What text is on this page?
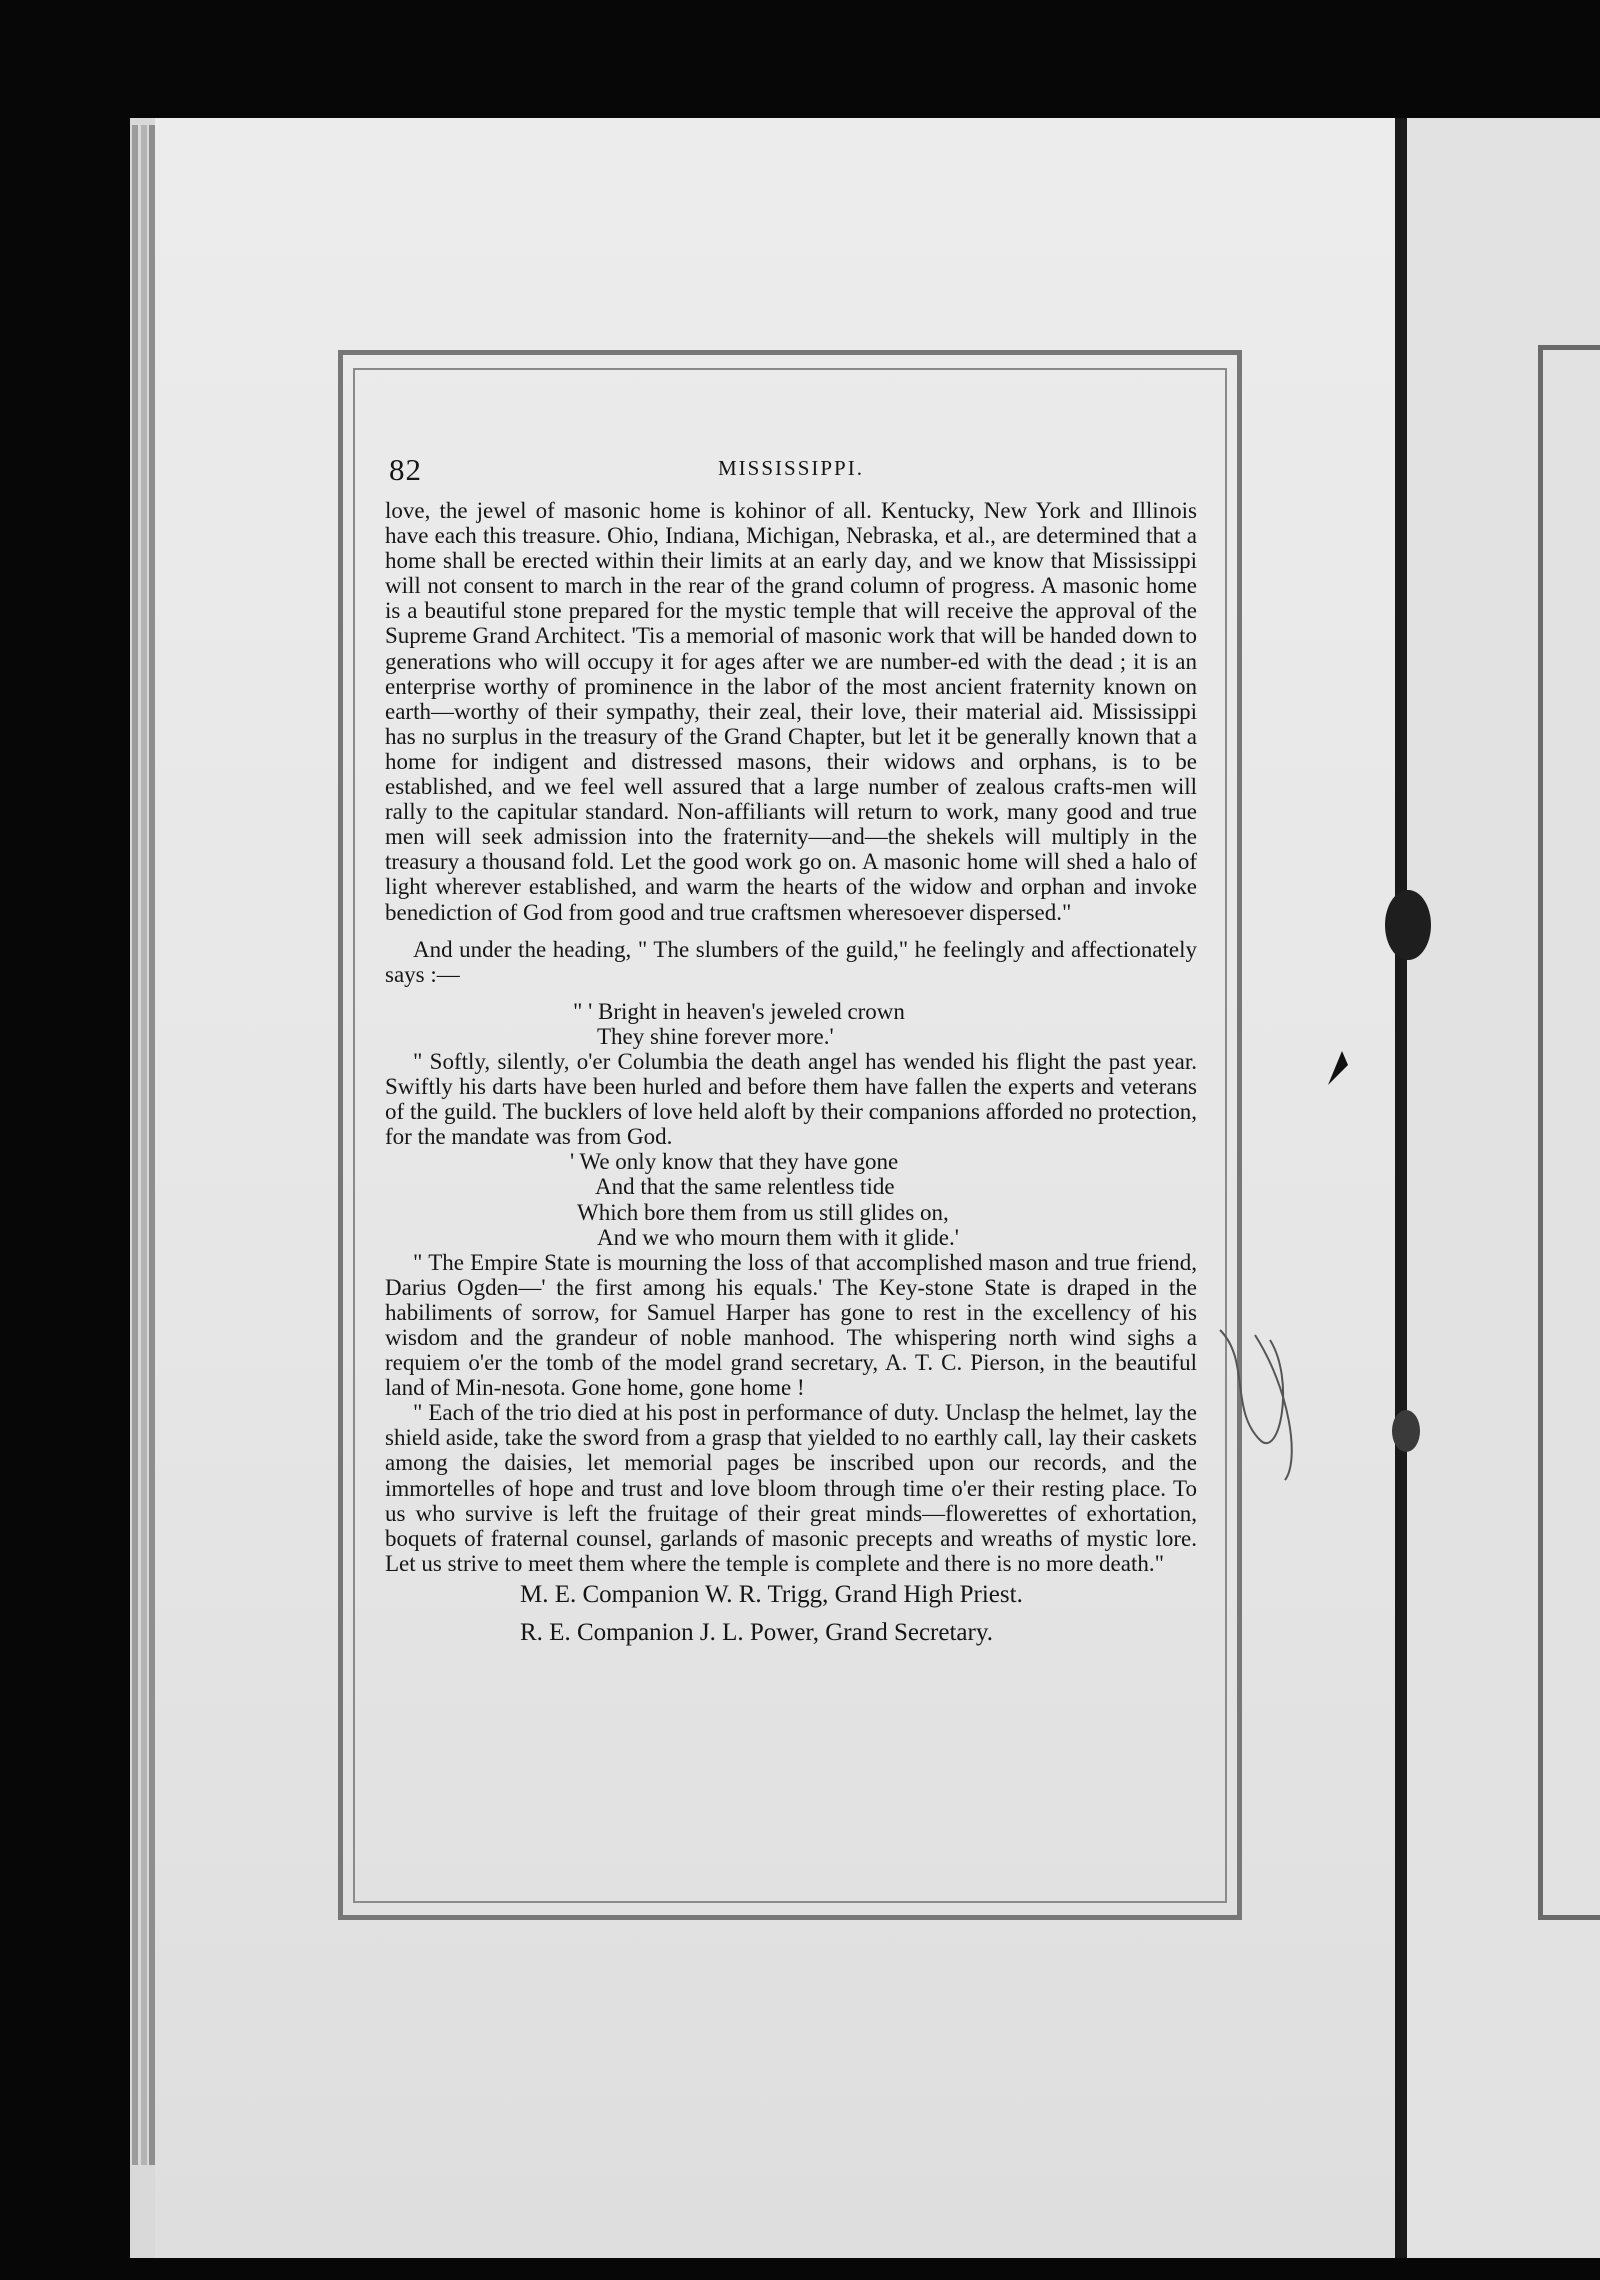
82	MISSISSIPPI.

love, the jewel of masonic home is kohinor of all. Kentucky, New York and Illinois have each this treasure. Ohio, Indiana, Michigan, Nebraska, et al., are determined that a home shall be erected within their limits at an early day, and we know that Mississippi will not consent to march in the rear of the grand column of progress. A masonic home is a beautiful stone prepared for the mystic temple that will receive the approval of the Supreme Grand Architect. 'Tis a memorial of masonic work that will be handed down to generations who will occupy it for ages after we are number-ed with the dead ; it is an enterprise worthy of prominence in the labor of the most ancient fraternity known on earth—worthy of their sympathy, their zeal, their love, their material aid. Mississippi has no surplus in the treasury of the Grand Chapter, but let it be generally known that a home for indigent and distressed masons, their widows and orphans, is to be established, and we feel well assured that a large number of zealous crafts-men will rally to the capitular standard. Non-affiliants will return to work, many good and true men will seek admission into the fraternity—and—the shekels will multiply in the treasury a thousand fold. Let the good work go on. A masonic home will shed a halo of light wherever established, and warm the hearts of the widow and orphan and invoke benediction of God from good and true craftsmen wheresoever dispersed."

And under the heading, " The slumbers of the guild," he feelingly and affectionately says :—

" ' Bright in heaven's jeweled crown

They shine forever more.'

" Softly, silently, o'er Columbia the death angel has wended his flight the past year. Swiftly his darts have been hurled and before them have fallen the experts and veterans of the guild. The bucklers of love held aloft by their companions afforded no protection, for the mandate was from God.

' We only know that they have gone

And that the same relentless tide

Which bore them from us still glides on,

And we who mourn them with it glide.'

" The Empire State is mourning the loss of that accomplished mason and true friend, Darius Ogden—' the first among his equals.' The Key-stone State is draped in the habiliments of sorrow, for Samuel Harper has gone to rest in the excellency of his wisdom and the grandeur of noble manhood. The whispering north wind sighs a requiem o'er the tomb of the model grand secretary, A. T. C. Pierson, in the beautiful land of Min-nesota. Gone home, gone home !

" Each of the trio died at his post in performance of duty. Unclasp the helmet, lay the shield aside, take the sword from a grasp that yielded to no earthly call, lay their caskets among the daisies, let memorial pages be inscribed upon our records, and the immortelles of hope and trust and love bloom through time o'er their resting place. To us who survive is left the fruitage of their great minds—flowerettes of exhortation, boquets of fraternal counsel, garlands of masonic precepts and wreaths of mystic lore. Let us strive to meet them where the temple is complete and there is no more death."

M. E. Companion W. R. Trigg, Grand High Priest.

R. E. Companion J. L. Power, Grand Secretary.
